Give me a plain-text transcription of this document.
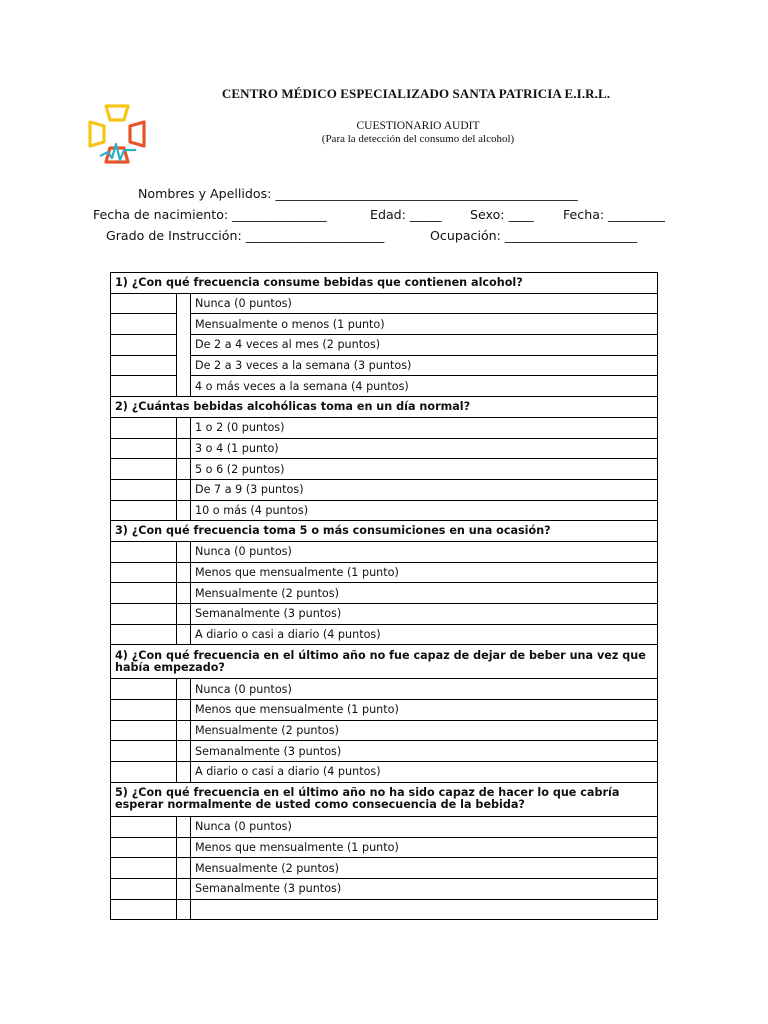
CENTRO MÉDICO ESPECIALIZADO SANTA PATRICIA E.I.R.L.
CUESTIONARIO AUDIT
(Para la detección del consumo del alcohol)
Nombres y Apellidos: ________________________________________________
Fecha de nacimiento: _______________	Edad: _____ Sexo: ____ Fecha: _________
Grado de Instrucción: ______________________	Ocupación: _____________________
1) ¿Con qué frecuencia consume bebidas que contienen alcohol?		
		Nunca (0 puntos)
		Mensualmente o menos (1 punto)
		De 2 a 4 veces al mes (2 puntos)
		De 2 a 3 veces a la semana (3 puntos)
		4 o más veces a la semana (4 puntos)
2) ¿Cuántas bebidas alcohólicas toma en un día normal?		
		1 o 2 (0 puntos)
		3 o 4 (1 punto)
		5 o 6 (2 puntos)
		De 7 a 9 (3 puntos)
		10 o más (4 puntos)
3) ¿Con qué frecuencia toma 5 o más consumiciones en una ocasión?		
		Nunca (0 puntos)
		Menos que mensualmente (1 punto)
		Mensualmente (2 puntos)
		Semanalmente (3 puntos)
		A diario o casi a diario (4 puntos)
4) ¿Con qué frecuencia en el último año no fue capaz de dejar de beber una vez que había empezado?		
		Nunca (0 puntos)
		Menos que mensualmente (1 punto)
		Mensualmente (2 puntos)
		Semanalmente (3 puntos)
		A diario o casi a diario (4 puntos)
5) ¿Con qué frecuencia en el último año no ha sido capaz de hacer lo que cabría esperar normalmente de usted como consecuencia de la bebida?		
		Nunca (0 puntos)
		Menos que mensualmente (1 punto)
		Mensualmente (2 puntos)
		Semanalmente (3 puntos)
